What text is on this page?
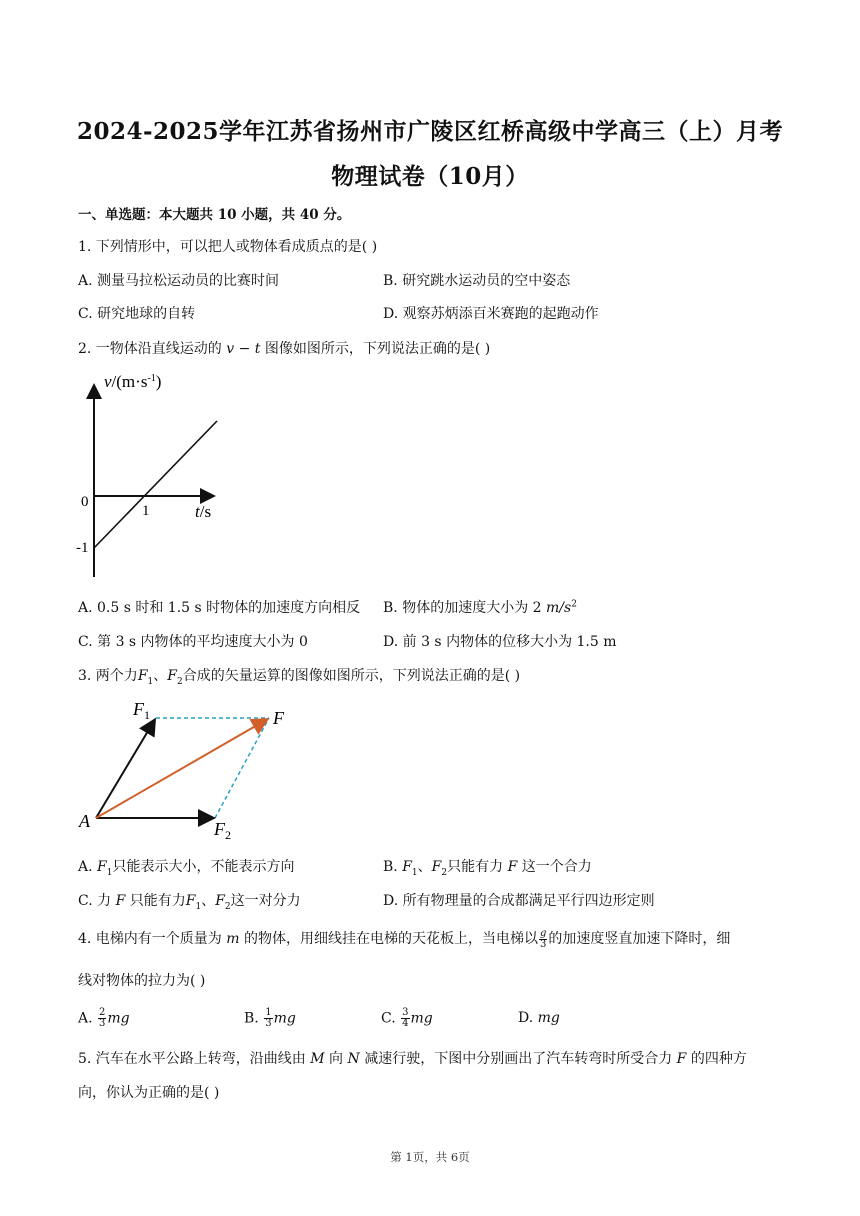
2024-2025学年江苏省扬州市广陵区红桥高级中学高三（上）月考
物理试卷（10月）
一、单选题：本大题共 10 小题，共 40 分。
1. 下列情形中，可以把人或物体看成质点的是( )
A. 测量马拉松运动员的比赛时间	B. 研究跳水运动员的空中姿态
C. 研究地球的自转	D. 观察苏炳添百米赛跑的起跑动作
2. 一物体沿直线运动的 v − t 图像如图所示，下列说法正确的是( )
$v/(m\cdot s^{-1})$
0
1
-1
t/s
A. 0.5 s 时和 1.5 s 时物体的加速度方向相反 B. 物体的加速度大小为 2 $m/s^2$
C. 第 3 s 内物体的平均速度大小为 0	D. 前 3 s 内物体的位移大小为 1.5 m
3. 两个力$F_1$、$F_2$合成的矢量运算的图像如图所示，下列说法正确的是( )
$F_1$	F
$F_2$
A
A. $F_1$只能表示大小，不能表示方向	B. $F_1$、$F_2$只能有力 F 这一个合力
C. 力 F 只能有力$F_1$、$F_2$这一对分力	D. 所有物理量的合成都满足平行四边形定则
4. 电梯内有一个质量为 m 的物体，用细线挂在电梯的天花板上，当电梯以 $\frac{g}{3}$ 的加速度竖直加速下降时，细
线对物体的拉力为( )
A. $\frac{2}{3}$ mg	B. $\frac{1}{3}$ mg	C. $\frac{3}{4}$ mg	D. mg
5. 汽车在水平公路上转弯，沿曲线由 M 向 N 减速行驶，下图中分别画出了汽车转弯时所受合力 F 的四种方
向，你认为正确的是( )
第 1页，共 6页
